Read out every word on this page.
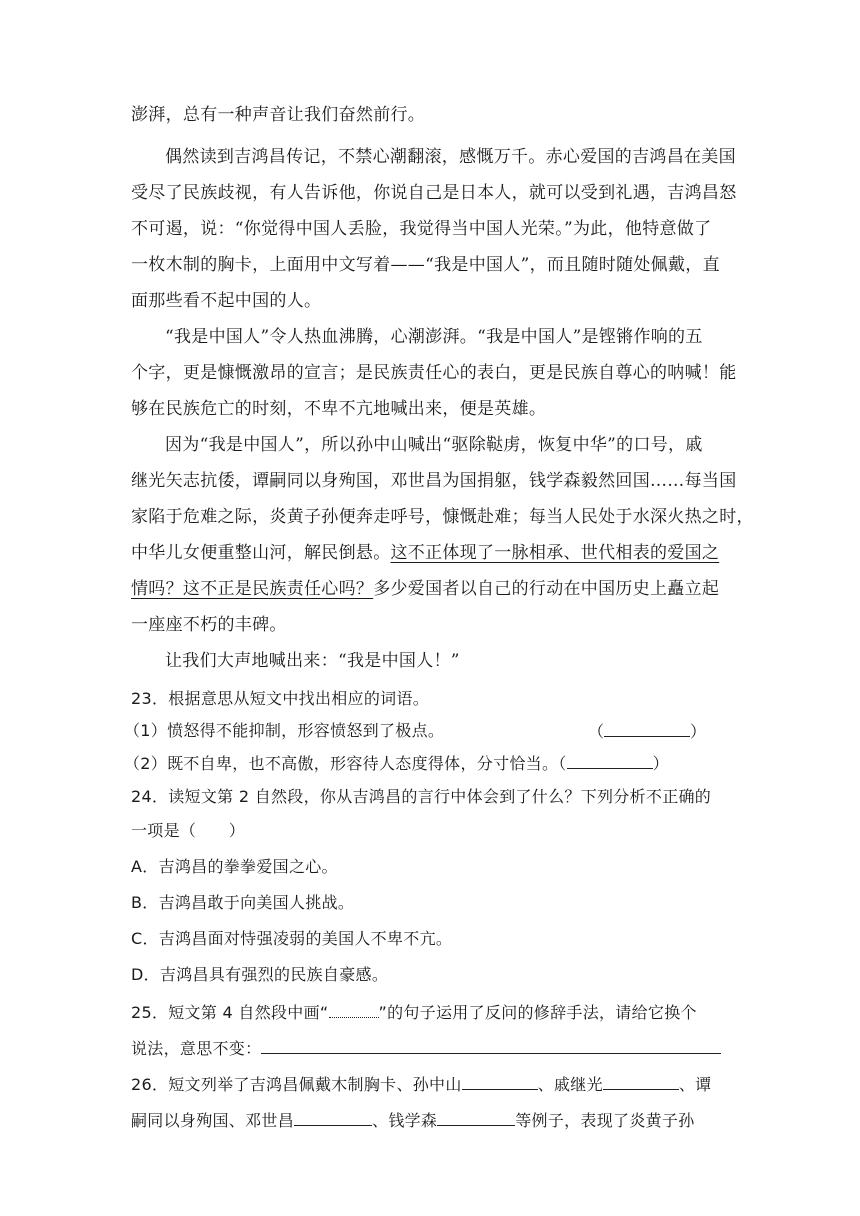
澎湃，总有一种声音让我们奋然前行。
偶然读到吉鸿昌传记，不禁心潮翻滚，感慨万千。赤心爱国的吉鸿昌在美国
受尽了民族歧视，有人告诉他，你说自己是日本人，就可以受到礼遇，吉鸿昌怒
不可遏，说：“你觉得中国人丢脸，我觉得当中国人光荣。”为此，他特意做了
一枚木制的胸卡，上面用中文写着——“我是中国人”，而且随时随处佩戴，直
面那些看不起中国的人。
“我是中国人”令人热血沸腾，心潮澎湃。“我是中国人”是铿锵作响的五
个字，更是慷慨激昂的宣言；是民族责任心的表白，更是民族自尊心的呐喊！能
够在民族危亡的时刻，不卑不亢地喊出来，便是英雄。
因为“我是中国人”，所以孙中山喊出“驱除鞑虏，恢复中华”的口号，戚
继光矢志抗倭，谭嗣同以身殉国，邓世昌为国捐躯，钱学森毅然回国……每当国
家陷于危难之际，炎黄子孙便奔走呼号，慷慨赴难；每当人民处于水深火热之时，
中华儿女便重整山河，解民倒悬。这不正体现了一脉相承、世代相表的爱国之
情吗？这不正是民族责任心吗？多少爱国者以自己的行动在中国历史上矗立起
一座座不朽的丰碑。
让我们大声地喊出来：“我是中国人！”
23．根据意思从短文中找出相应的词语。
（1）愤怒得不能抑制，形容愤怒到了极点。	（	）
（2）既不自卑，也不高傲，形容待人态度得体，分寸恰当。（	）
24．读短文第 2 自然段，你从吉鸿昌的言行中体会到了什么？下列分析不正确的
一项是（　　）
A．吉鸿昌的拳拳爱国之心。
B．吉鸿昌敢于向美国人挑战。
C．吉鸿昌面对恃强凌弱的美国人不卑不亢。
D．吉鸿昌具有强烈的民族自豪感。
25．短文第 4 自然段中画“	”的句子运用了反问的修辞手法，请给它换个
说法，意思不变：
26．短文列举了吉鸿昌佩戴木制胸卡、孙中山	、戚继光	、谭
嗣同以身殉国、邓世昌	、钱学森	等例子，表现了炎黄子孙
